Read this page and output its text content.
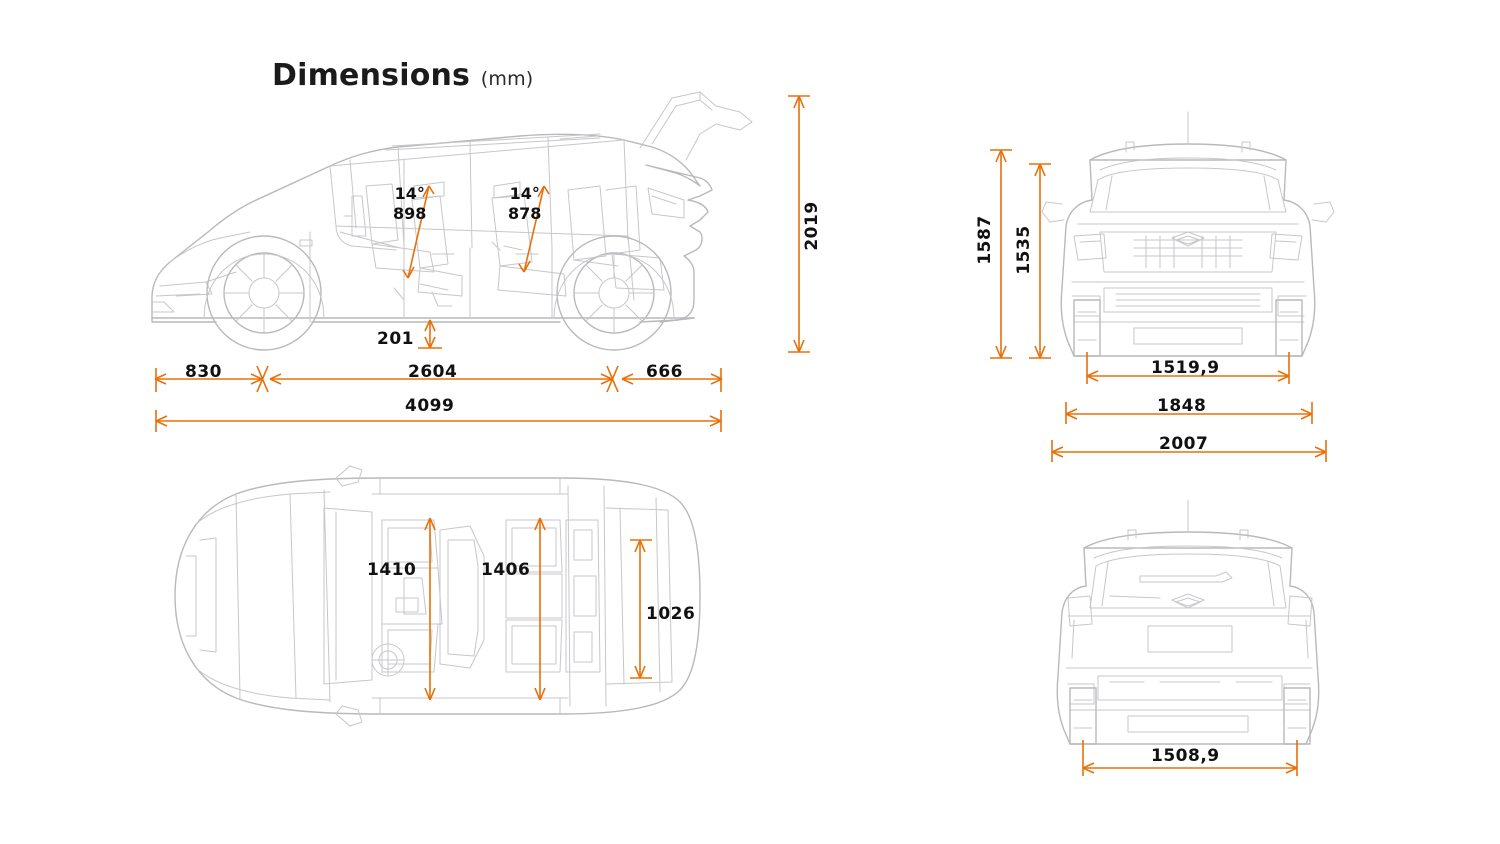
Dimensions (mm)
14°
898
14°
878
830	2604	666
4099
201
2019
1410	1406
1026
1587 1535
1519,9
1848
2007
1508,9
